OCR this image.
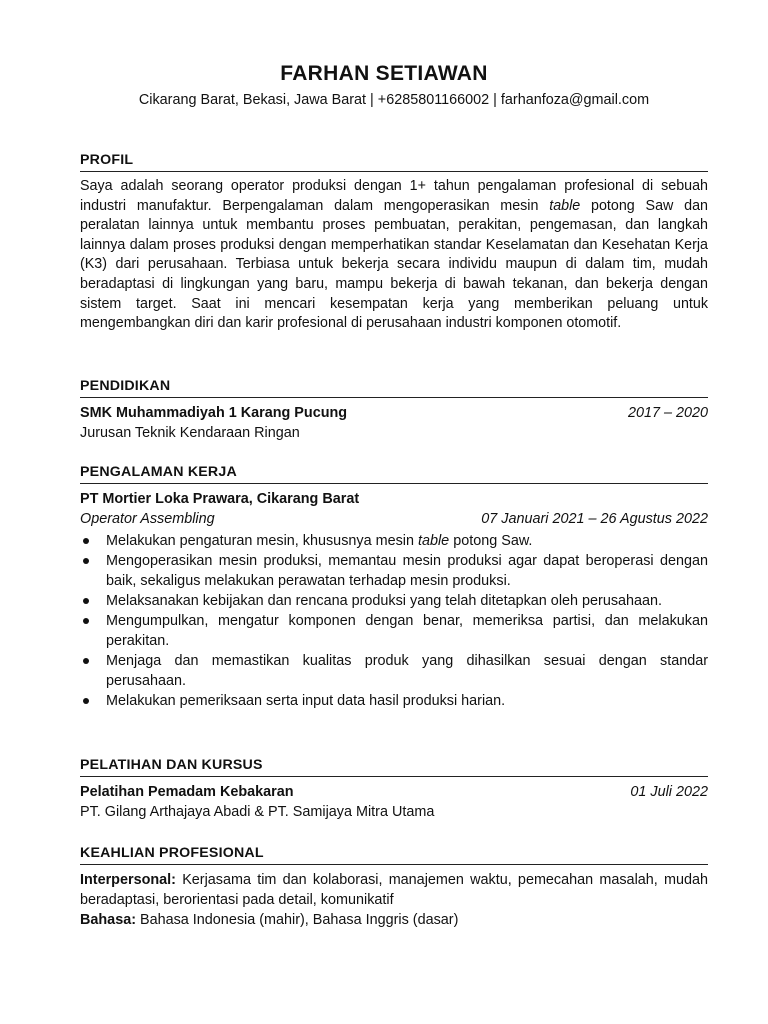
FARHAN SETIAWAN
Cikarang Barat, Bekasi, Jawa Barat | +6285801166002 | farhanfoza@gmail.com
PROFIL
Saya adalah seorang operator produksi dengan 1+ tahun pengalaman profesional di sebuah industri manufaktur. Berpengalaman dalam mengoperasikan mesin table potong Saw dan peralatan lainnya untuk membantu proses pembuatan, perakitan, pengemasan, dan langkah lainnya dalam proses produksi dengan memperhatikan standar Keselamatan dan Kesehatan Kerja (K3) dari perusahaan. Terbiasa untuk bekerja secara individu maupun di dalam tim, mudah beradaptasi di lingkungan yang baru, mampu bekerja di bawah tekanan, dan bekerja dengan sistem target. Saat ini mencari kesempatan kerja yang memberikan peluang untuk mengembangkan diri dan karir profesional di perusahaan industri komponen otomotif.
PENDIDIKAN
SMK Muhammadiyah 1 Karang Pucung	2017 – 2020
Jurusan Teknik Kendaraan Ringan
PENGALAMAN KERJA
PT Mortier Loka Prawara, Cikarang Barat
Operator Assembling	07 Januari 2021 – 26 Agustus 2022
Melakukan pengaturan mesin, khususnya mesin table potong Saw.
Mengoperasikan mesin produksi, memantau mesin produksi agar dapat beroperasi dengan baik, sekaligus melakukan perawatan terhadap mesin produksi.
Melaksanakan kebijakan dan rencana produksi yang telah ditetapkan oleh perusahaan.
Mengumpulkan, mengatur komponen dengan benar, memeriksa partisi, dan melakukan perakitan.
Menjaga dan memastikan kualitas produk yang dihasilkan sesuai dengan standar perusahaan.
Melakukan pemeriksaan serta input data hasil produksi harian.
PELATIHAN DAN KURSUS
Pelatihan Pemadam Kebakaran	01 Juli 2022
PT. Gilang Arthajaya Abadi & PT. Samijaya Mitra Utama
KEAHLIAN PROFESIONAL
Interpersonal: Kerjasama tim dan kolaborasi, manajemen waktu, pemecahan masalah, mudah beradaptasi, berorientasi pada detail, komunikatif
Bahasa: Bahasa Indonesia (mahir), Bahasa Inggris (dasar)
